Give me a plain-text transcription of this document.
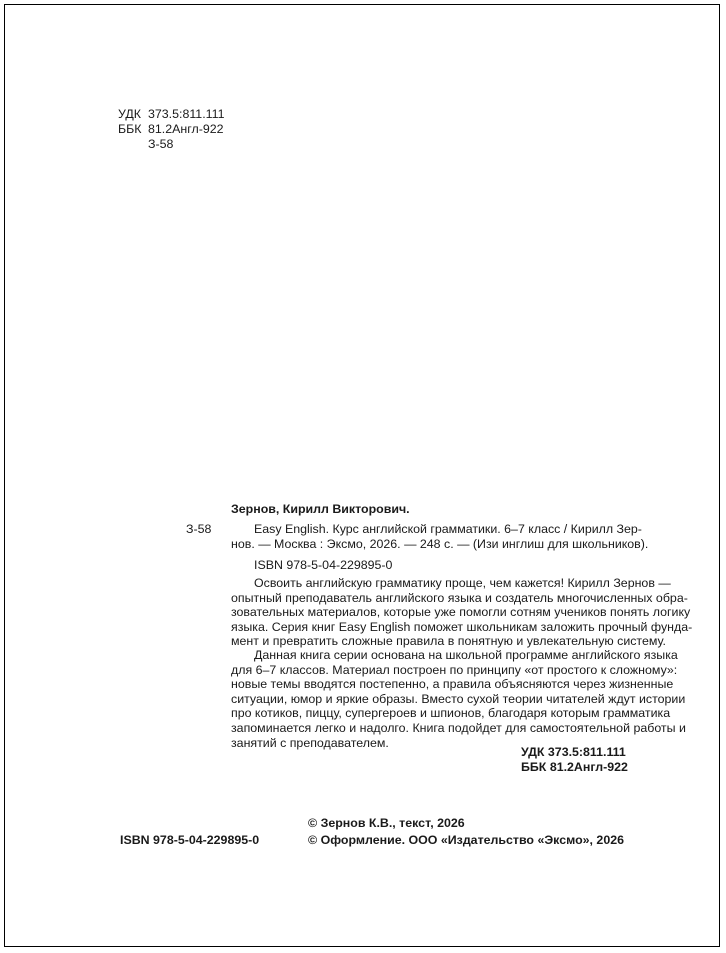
УДК 373.5:811.111
ББК 81.2Англ-922
З-58
Зернов, Кирилл Викторович.
З-58	Easy English. Курс английской грамматики. 6–7 класс / Кирилл Зер-
нов. — Москва : Эксмо, 2026. — 248 с. — (Изи инглиш для школьников).
ISBN 978-5-04-229895-0
Освоить английскую грамматику проще, чем кажется! Кирилл Зернов —
опытный преподаватель английского языка и создатель многочисленных обра-
зовательных материалов, которые уже помогли сотням учеников понять логику
языка. Серия книг Easy English поможет школьникам заложить прочный фунда-
мент и превратить сложные правила в понятную и увлекательную систему.
Данная книга серии основана на школьной программе английского языка
для 6–7 классов. Материал построен по принципу «от простого к сложному»:
новые темы вводятся постепенно, а правила объясняются через жизненные
ситуации, юмор и яркие образы. Вместо сухой теории читателей ждут истории
про котиков, пиццу, супергероев и шпионов, благодаря которым грамматика
запоминается легко и надолго. Книга подойдет для самостоятельной работы и
занятий с преподавателем.
УДК 373.5:811.111
ББК 81.2Англ-922
© Зернов К.В., текст, 2026
ISBN 978-5-04-229895-0	© Оформление. ООО «Издательство «Эксмо», 2026
